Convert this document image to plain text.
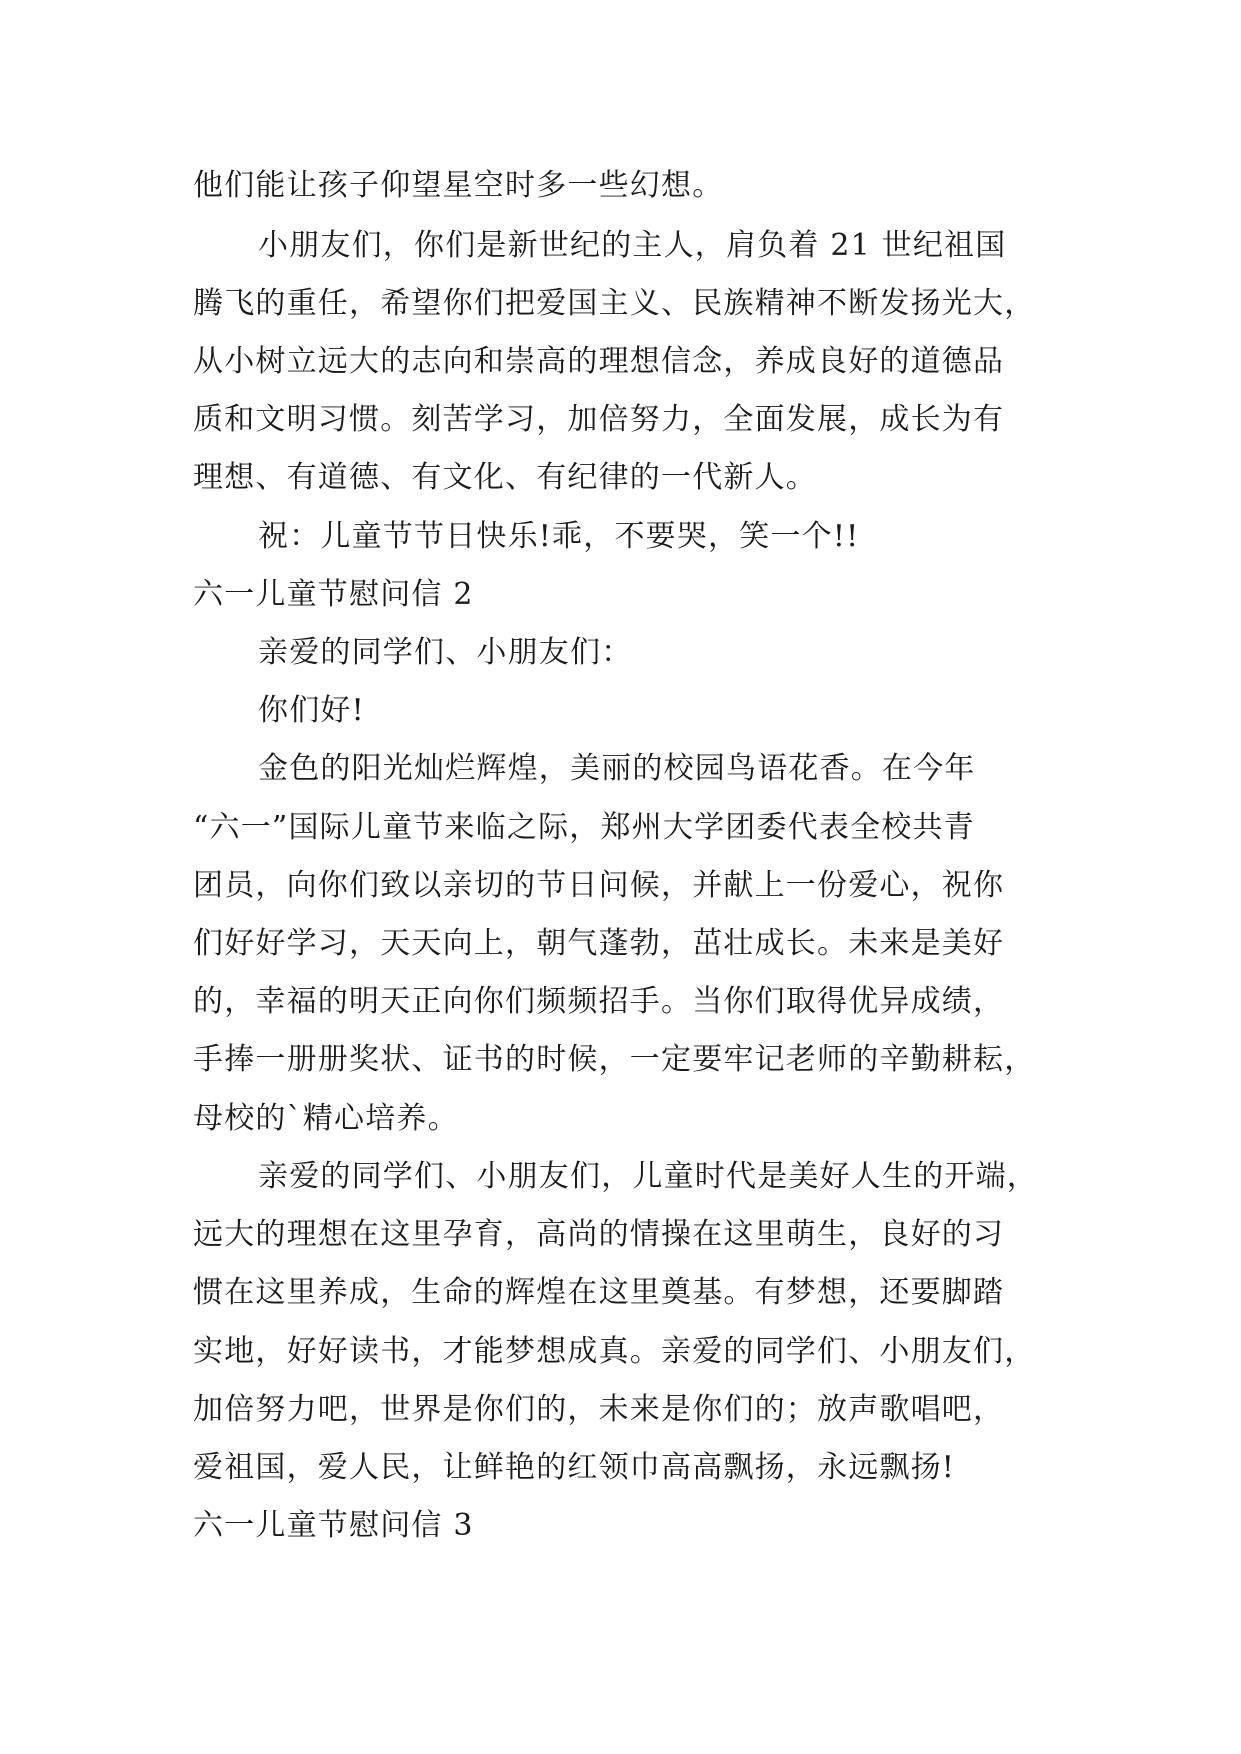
他们能让孩子仰望星空时多一些幻想。
小朋友们，你们是新世纪的主人，肩负着 21 世纪祖国
腾飞的重任，希望你们把爱国主义、民族精神不断发扬光大，
从小树立远大的志向和崇高的理想信念，养成良好的道德品
质和文明习惯。刻苦学习，加倍努力，全面发展，成长为有
理想、有道德、有文化、有纪律的一代新人。
祝：儿童节节日快乐!乖，不要哭，笑一个!!
六一儿童节慰问信 2
亲爱的同学们、小朋友们：
你们好!
金色的阳光灿烂辉煌，美丽的校园鸟语花香。在今年
“六一”国际儿童节来临之际，郑州大学团委代表全校共青
团员，向你们致以亲切的节日问候，并献上一份爱心，祝你
们好好学习，天天向上，朝气蓬勃，茁壮成长。未来是美好
的，幸福的明天正向你们频频招手。当你们取得优异成绩，
手捧一册册奖状、证书的时候，一定要牢记老师的辛勤耕耘，
母校的`精心培养。
亲爱的同学们、小朋友们，儿童时代是美好人生的开端，
远大的理想在这里孕育，高尚的情操在这里萌生，良好的习
惯在这里养成，生命的辉煌在这里奠基。有梦想，还要脚踏
实地，好好读书，才能梦想成真。亲爱的同学们、小朋友们，
加倍努力吧，世界是你们的，未来是你们的；放声歌唱吧，
爱祖国，爱人民，让鲜艳的红领巾高高飘扬，永远飘扬!
六一儿童节慰问信 3
